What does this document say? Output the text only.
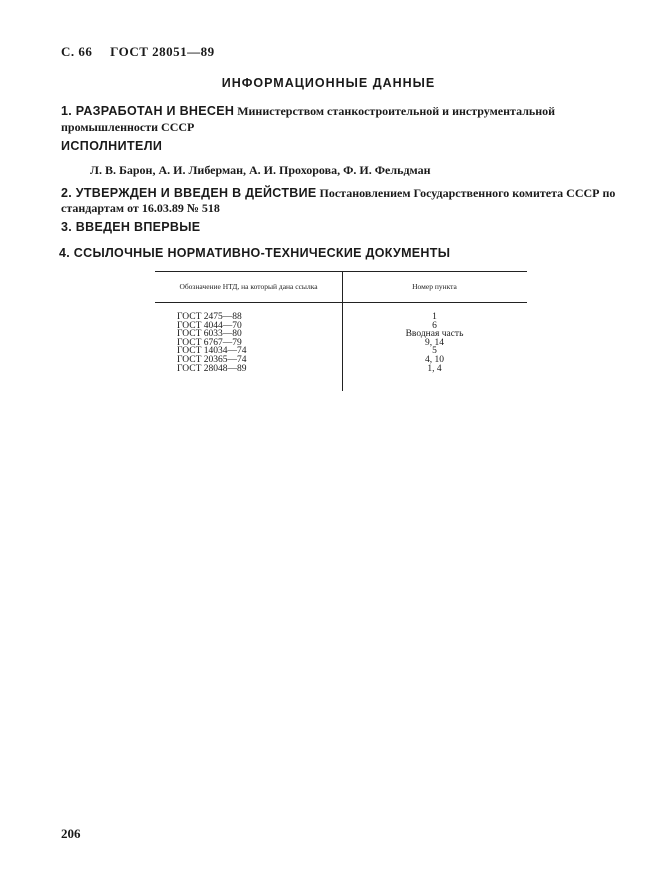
С. 66 ГОСТ 28051—89
ИНФОРМАЦИОННЫЕ ДАННЫЕ
1. РАЗРАБОТАН И ВНЕСЕН Министерством станкостроительной и инструментальной промышленности СССР
ИСПОЛНИТЕЛИ
Л. В. Барон, А. И. Либерман, А. И. Прохорова, Ф. И. Фельдман
2. УТВЕРЖДЕН И ВВЕДЕН В ДЕЙСТВИЕ Постановлением Государственного комитета СССР по стандартам от 16.03.89 № 518
3. ВВЕДЕН ВПЕРВЫЕ
4. ССЫЛОЧНЫЕ НОРМАТИВНО-ТЕХНИЧЕСКИЕ ДОКУМЕНТЫ
Обозначение НТД, на который дана ссылка	Номер пункта
ГОСТ 2475—88
ГОСТ 4044—70
ГОСТ 6033—80
ГОСТ 6767—79
ГОСТ 14034—74
ГОСТ 20365—74
ГОСТ 28048—89
1
6
Вводная часть
9, 14
5
4, 10
1, 4
206
